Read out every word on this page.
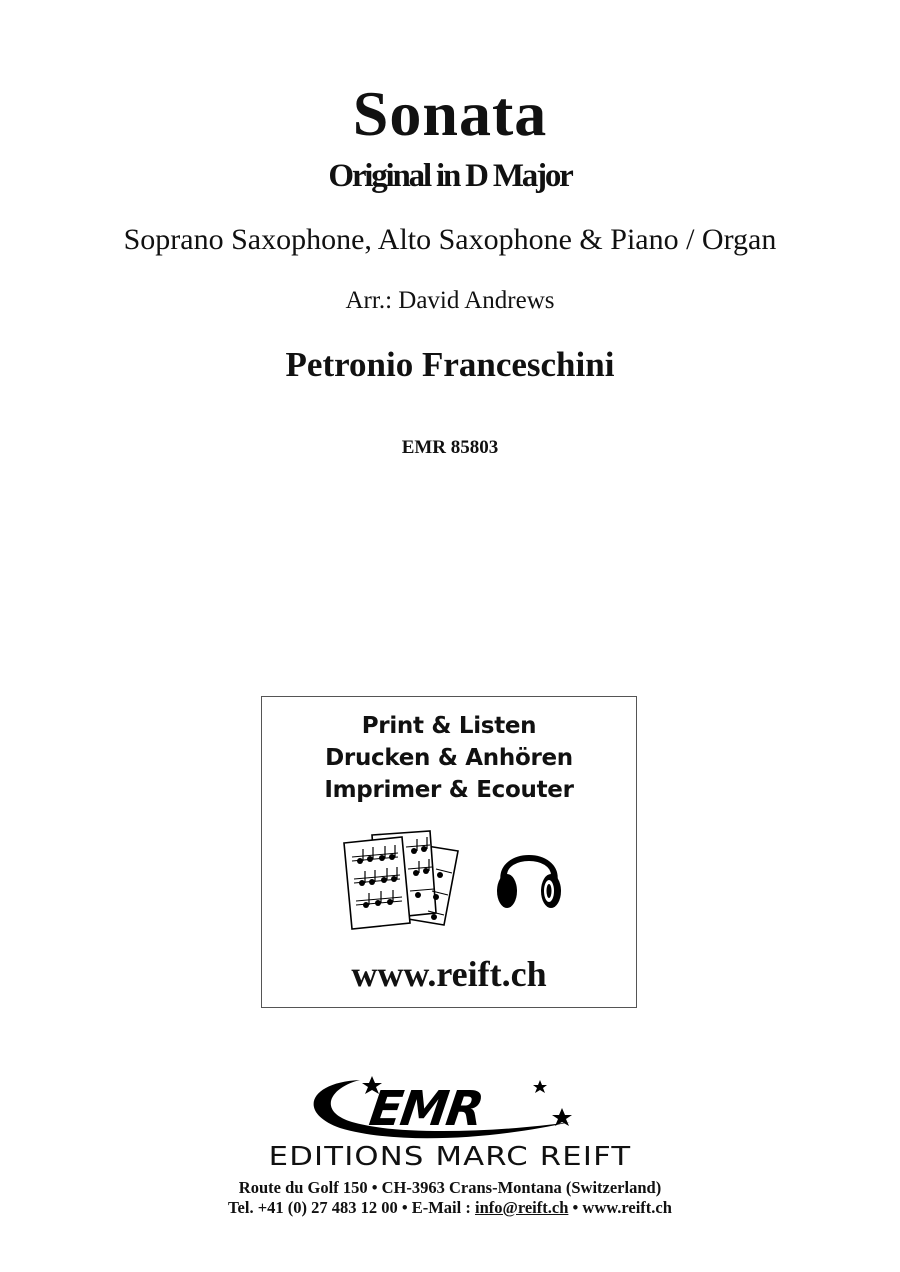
Sonata
Original in D Major
Soprano Saxophone, Alto Saxophone & Piano / Organ
Arr.: David Andrews
Petronio Franceschini
EMR 85803
Print & Listen
Drucken & Anhören
Imprimer & Ecouter
www.reift.ch
EMR
EDITIONS MARC REIFT
Route du Golf 150 • CH-3963 Crans-Montana (Switzerland)
Tel. +41 (0) 27 483 12 00 • E-Mail : info@reift.ch • www.reift.ch
